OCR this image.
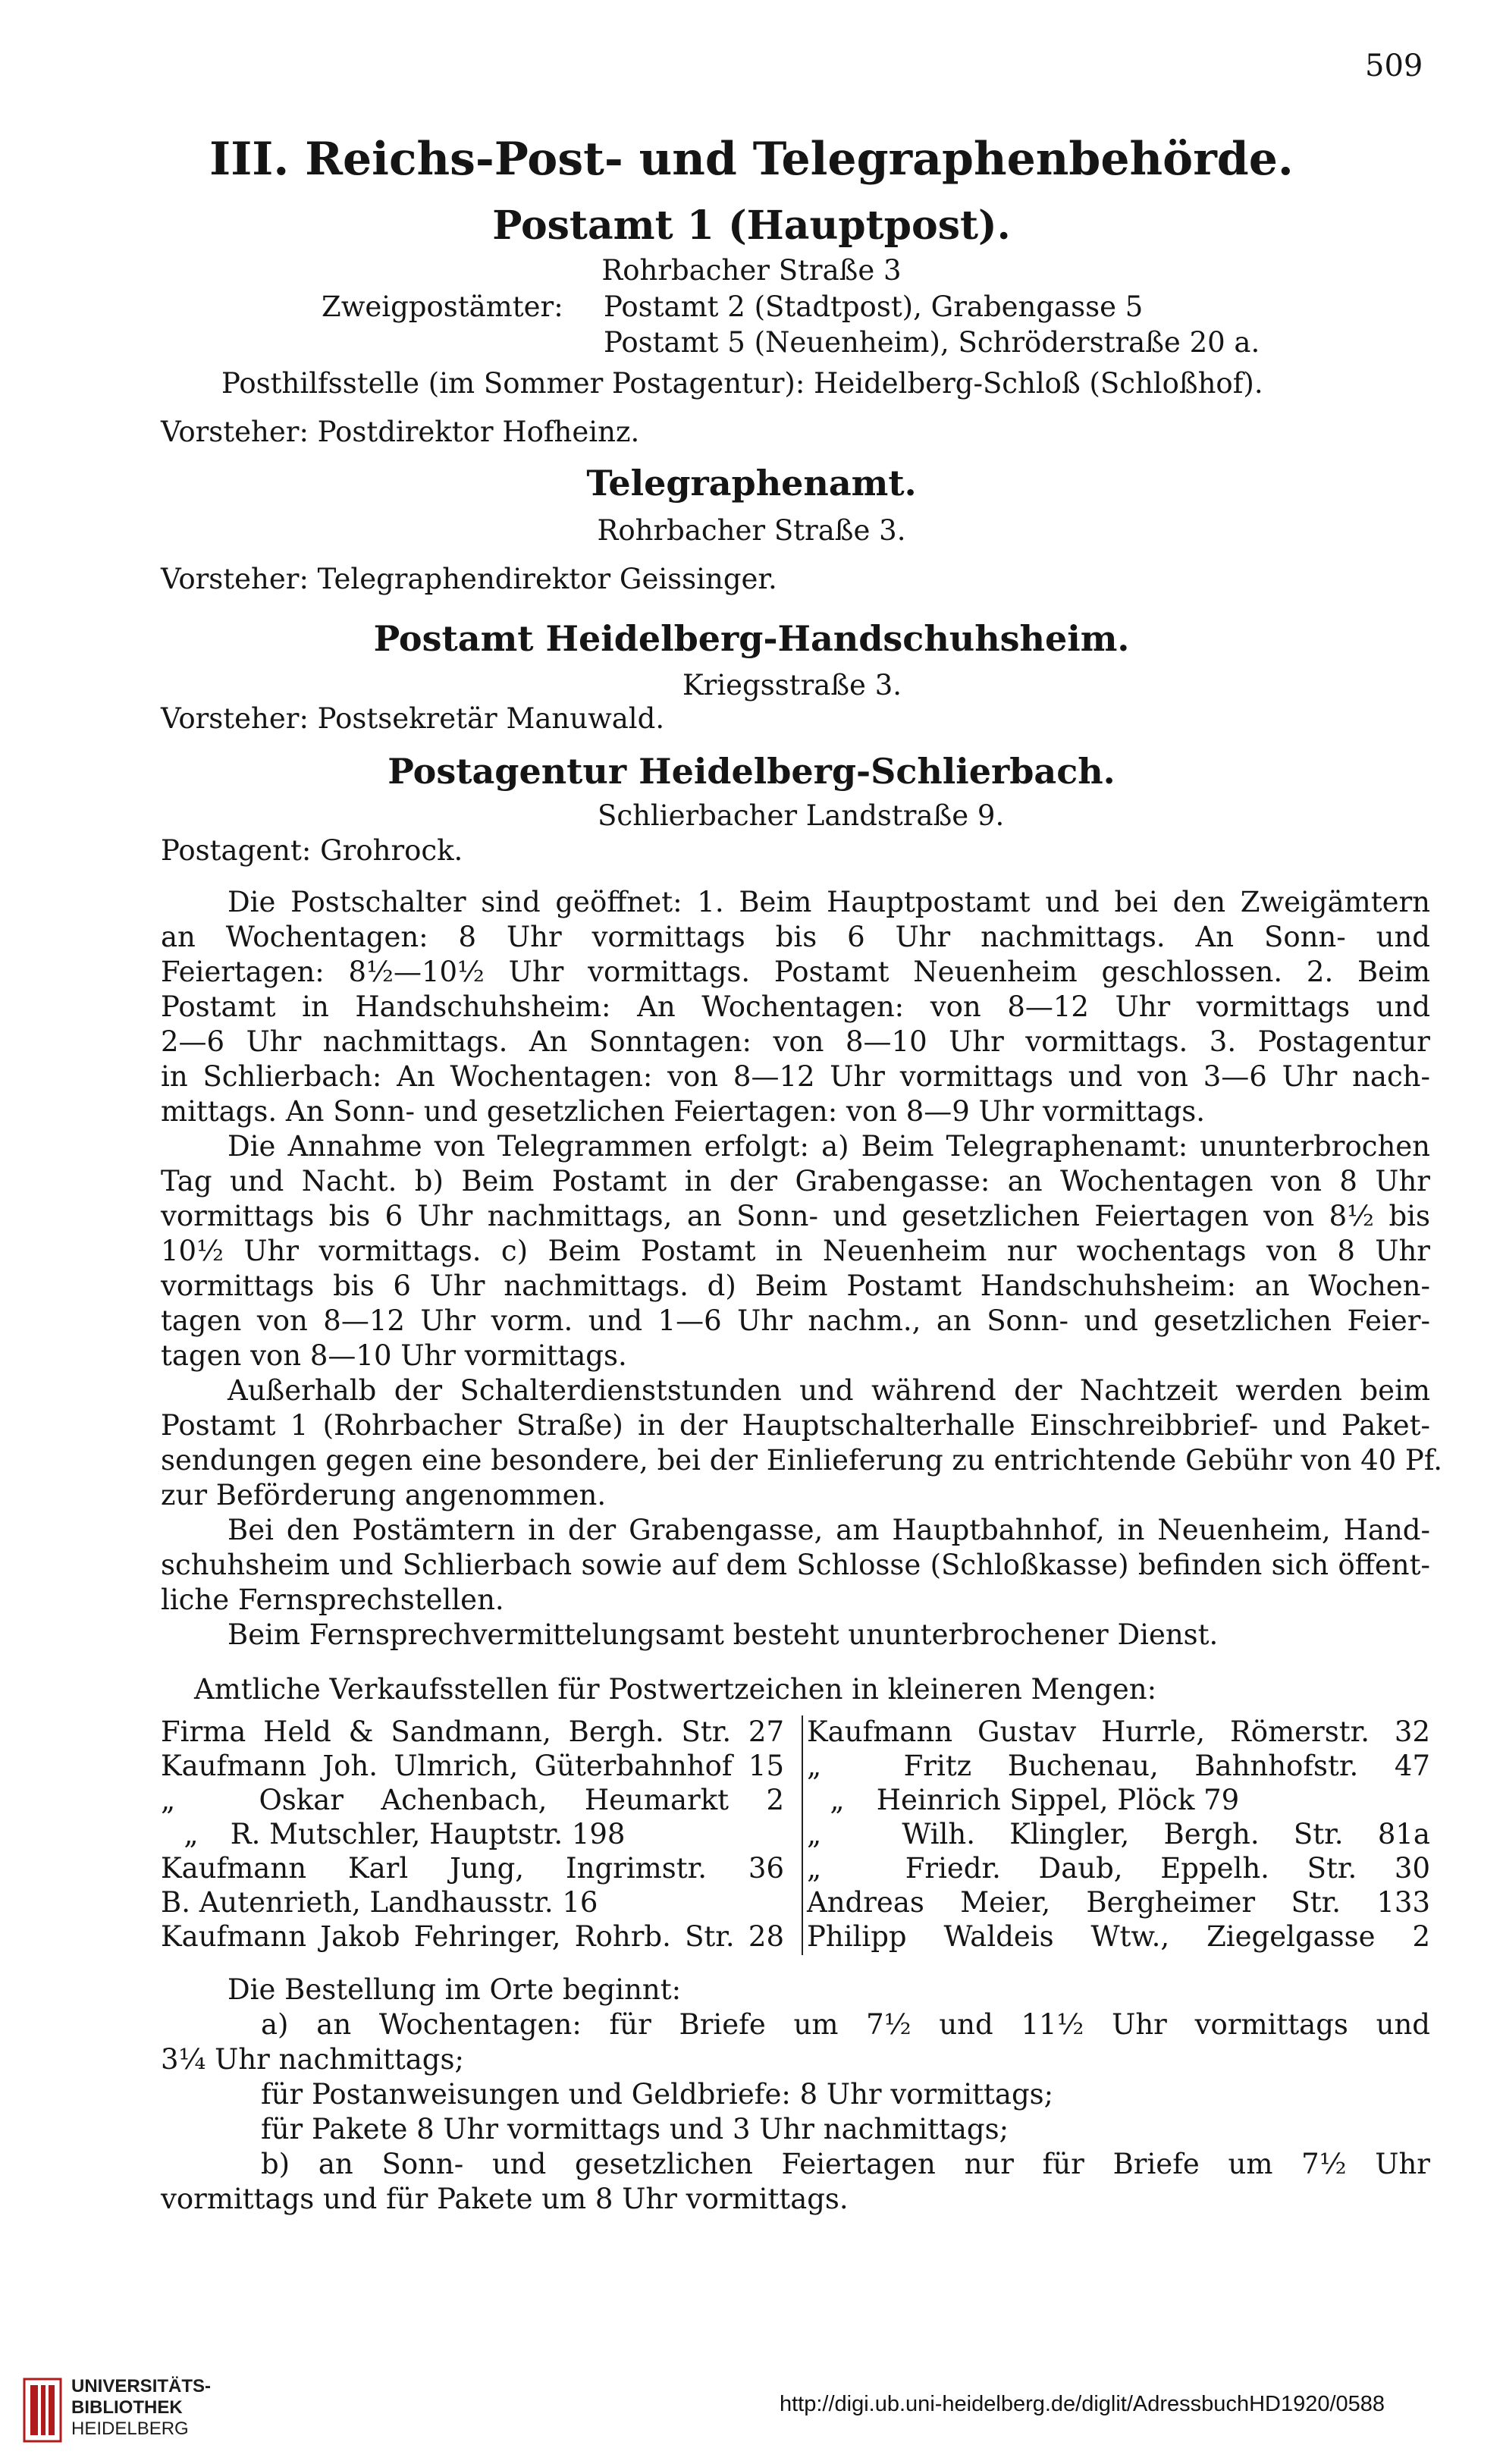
509
III. Reichs-Post- und Telegraphenbehörde.
Postamt 1 (Hauptpost).
Rohrbacher Straße 3
Zweigpostämter: Postamt 2 (Stadtpost), Grabengasse 5
Postamt 5 (Neuenheim), Schröderstraße 20 a.
Posthilfsstelle (im Sommer Postagentur): Heidelberg-Schloß (Schloßhof).
Vorsteher: Postdirektor Hofheinz.
Telegraphenamt.
Rohrbacher Straße 3.
Vorsteher: Telegraphendirektor Geissinger.
Postamt Heidelberg-Handschuhsheim.
Kriegsstraße 3.
Vorsteher: Postsekretär Manuwald.
Postagentur Heidelberg-Schlierbach.
Schlierbacher Landstraße 9.
Postagent: Grohrock.
Die Postschalter sind geöffnet: 1. Beim Hauptpostamt und bei den Zweigämtern
an Wochentagen: 8 Uhr vormittags bis 6 Uhr nachmittags. An Sonn- und
Feiertagen: 8½—10½ Uhr vormittags. Postamt Neuenheim geschlossen. 2. Beim
Postamt in Handschuhsheim: An Wochentagen: von 8—12 Uhr vormittags und
2—6 Uhr nachmittags. An Sonntagen: von 8—10 Uhr vormittags. 3. Postagentur
in Schlierbach: An Wochentagen: von 8—12 Uhr vormittags und von 3—6 Uhr nach-
mittags. An Sonn- und gesetzlichen Feiertagen: von 8—9 Uhr vormittags.
Die Annahme von Telegrammen erfolgt: a) Beim Telegraphenamt: ununterbrochen
Tag und Nacht. b) Beim Postamt in der Grabengasse: an Wochentagen von 8 Uhr
vormittags bis 6 Uhr nachmittags, an Sonn- und gesetzlichen Feiertagen von 8½ bis
10½ Uhr vormittags. c) Beim Postamt in Neuenheim nur wochentags von 8 Uhr
vormittags bis 6 Uhr nachmittags. d) Beim Postamt Handschuhsheim: an Wochen-
tagen von 8—12 Uhr vorm. und 1—6 Uhr nachm., an Sonn- und gesetzlichen Feier-
tagen von 8—10 Uhr vormittags.
Außerhalb der Schalterdienststunden und während der Nachtzeit werden beim
Postamt 1 (Rohrbacher Straße) in der Hauptschalterhalle Einschreibbrief- und Paket-
sendungen gegen eine besondere, bei der Einlieferung zu entrichtende Gebühr von 40 Pf.
zur Beförderung angenommen.
Bei den Postämtern in der Grabengasse, am Hauptbahnhof, in Neuenheim, Hand-
schuhsheim und Schlierbach sowie auf dem Schlosse (Schloßkasse) befinden sich öffent-
liche Fernsprechstellen.
Beim Fernsprechvermittelungsamt besteht ununterbrochener Dienst.
Amtliche Verkaufsstellen für Postwertzeichen in kleineren Mengen:
Firma Held & Sandmann, Bergh. Str. 27
Kaufmann Joh. Ulmrich, Güterbahnhof 15
„	Oskar Achenbach, Heumarkt 2
„ R. Mutschler, Hauptstr. 198
Kaufmann Karl Jung, Ingrimstr. 36
B. Autenrieth, Landhausstr. 16
Kaufmann Jakob Fehringer, Rohrb. Str. 28
Kaufmann Gustav Hurrle, Römerstr. 32
„	Fritz Buchenau, Bahnhofstr. 47
„ Heinrich Sippel, Plöck 79
„	Wilh. Klingler, Bergh. Str. 81a
„	Friedr. Daub, Eppelh. Str. 30
Andreas Meier, Bergheimer Str. 133
Philipp Waldeis Wtw., Ziegelgasse 2
Die Bestellung im Orte beginnt:
a) an Wochentagen: für Briefe um 7½ und 11½ Uhr vormittags und
3¼ Uhr nachmittags;
für Postanweisungen und Geldbriefe: 8 Uhr vormittags;
für Pakete 8 Uhr vormittags und 3 Uhr nachmittags;
b) an Sonn- und gesetzlichen Feiertagen nur für Briefe um 7½ Uhr
vormittags und für Pakete um 8 Uhr vormittags.
UNIVERSITÄTS-
BIBLIOTHEK
HEIDELBERG
http://digi.ub.uni-heidelberg.de/diglit/AdressbuchHD1920/0588
